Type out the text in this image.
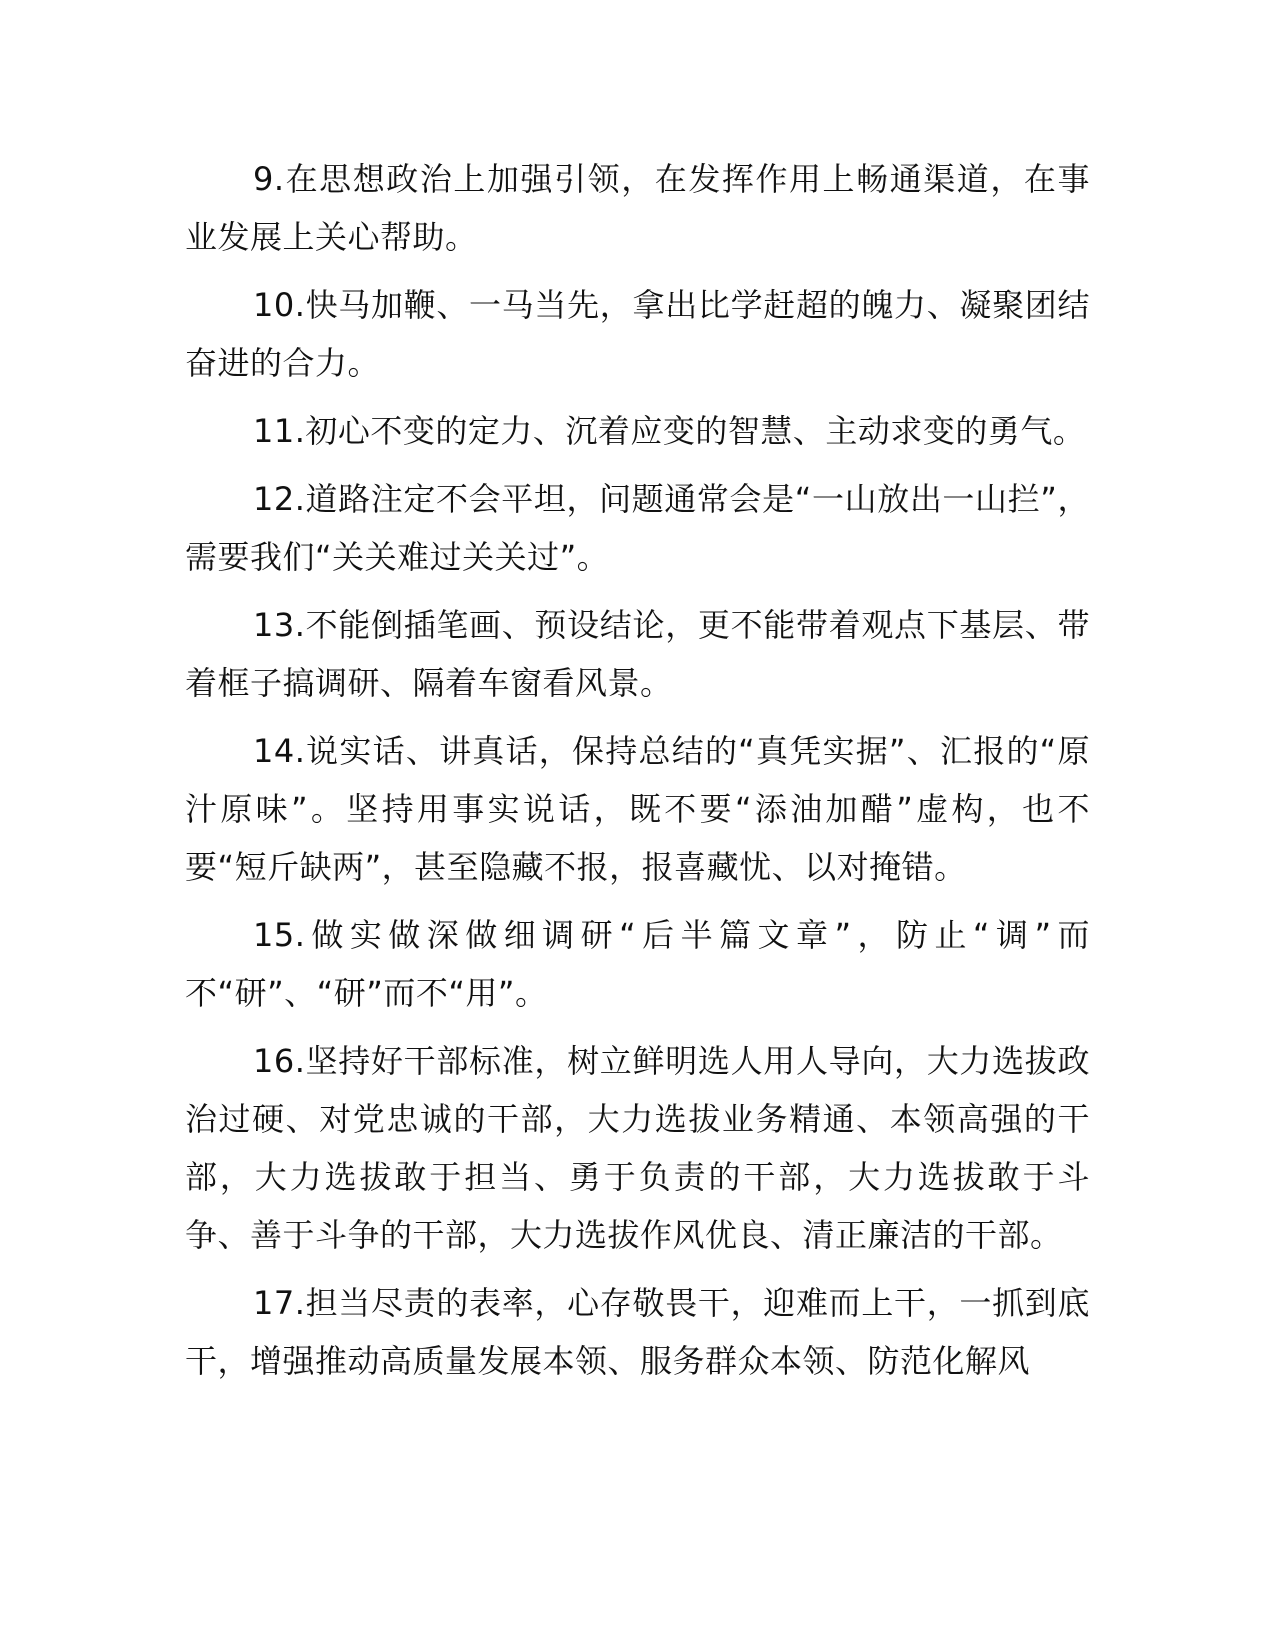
9.在思想政治上加强引领，在发挥作用上畅通渠道，在事业发展上关心帮助。

10.快马加鞭、一马当先，拿出比学赶超的魄力、凝聚团结奋进的合力。

11.初心不变的定力、沉着应变的智慧、主动求变的勇气。

12.道路注定不会平坦，问题通常会是“一山放出一山拦”，需要我们“关关难过关关过”。

13.不能倒插笔画、预设结论，更不能带着观点下基层、带着框子搞调研、隔着车窗看风景。

14.说实话、讲真话，保持总结的“真凭实据”、汇报的“原汁原味”。坚持用事实说话，既不要“添油加醋”虚构，也不要“短斤缺两”，甚至隐藏不报，报喜藏忧、以对掩错。

15.做实做深做细调研“后半篇文章”，防止“调”而不“研”、“研”而不“用”。

16.坚持好干部标准，树立鲜明选人用人导向，大力选拔政治过硬、对党忠诚的干部，大力选拔业务精通、本领高强的干部，大力选拔敢于担当、勇于负责的干部，大力选拔敢于斗争、善于斗争的干部，大力选拔作风优良、清正廉洁的干部。

17.担当尽责的表率，心存敬畏干，迎难而上干，一抓到底干，增强推动高质量发展本领、服务群众本领、防范化解风
